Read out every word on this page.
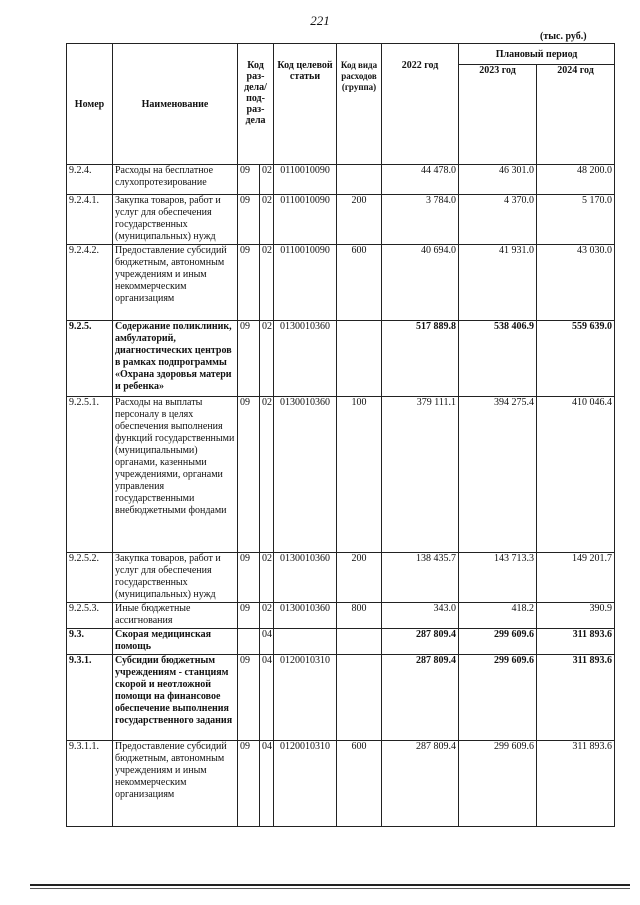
221
(тыс. руб.)
Номер	Наименование	Код раз-дела/ под-раз-дела		Код целевой статьи	Код вида расходов (группа)	2022 год	Плановый период	
							2023 год	2024 год
9.2.4.	Расходы на бесплатное слухопротезирование	09	02	0110010090		44 478.0	46 301.0	48 200.0
9.2.4.1.	Закупка товаров, работ и услуг для обеспечения государственных (муниципальных) нужд	09	02	0110010090	200	3 784.0	4 370.0	5 170.0
9.2.4.2.	Предоставление субсидий бюджетным, автономным учреждениям и иным некоммерческим организациям	09	02	0110010090	600	40 694.0	41 931.0	43 030.0
9.2.5.	Содержание поликлиник, амбулаторий, диагностических центров в рамках подпрограммы «Охрана здоровья матери и ребенка»	09	02	0130010360		517 889.8	538 406.9	559 639.0
9.2.5.1.	Расходы на выплаты персоналу в целях обеспечения выполнения функций государственными (муниципальными) органами, казенными учреждениями, органами управления государственными внебюджетными фондами	09	02	0130010360	100	379 111.1	394 275.4	410 046.4
9.2.5.2.	Закупка товаров, работ и услуг для обеспечения государственных (муниципальных) нужд	09	02	0130010360	200	138 435.7	143 713.3	149 201.7
9.2.5.3.	Иные бюджетные ассигнования	09	02	0130010360	800	343.0	418.2	390.9
9.3.	Скорая медицинская помощь		04			287 809.4	299 609.6	311 893.6
9.3.1.	Субсидии бюджетным учреждениям - станциям скорой и неотложной помощи на финансовое обеспечение выполнения государственного задания	09	04	0120010310		287 809.4	299 609.6	311 893.6
9.3.1.1.	Предоставление субсидий бюджетным, автономным учреждениям и иным некоммерческим организациям	09	04	0120010310	600	287 809.4	299 609.6	311 893.6
